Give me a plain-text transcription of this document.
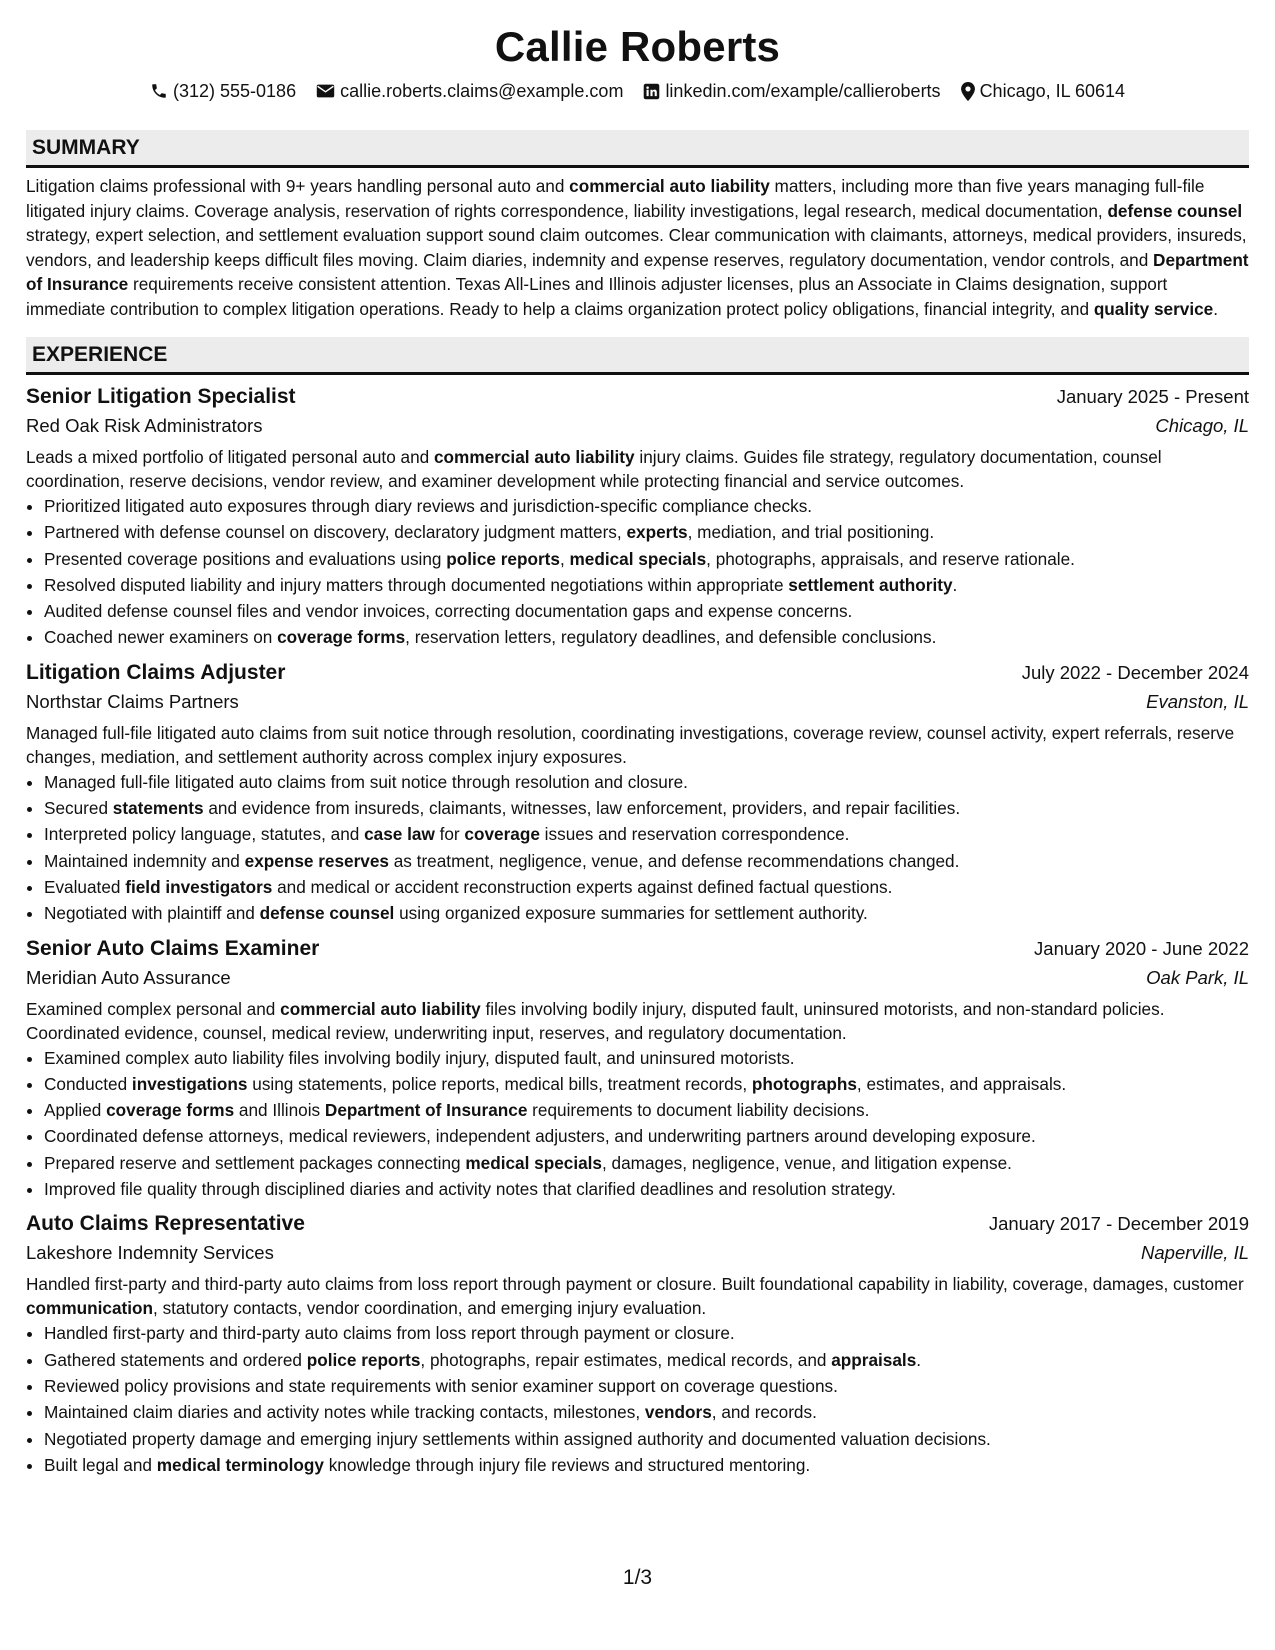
Callie Roberts
(312) 555-0186 callie.roberts.claims@example.com linkedin.com/example/callieroberts Chicago, IL 60614
SUMMARY

Litigation claims professional with 9+ years handling personal auto and commercial auto liability matters, including more than five years managing full-file litigated injury claims. Coverage analysis, reservation of rights correspondence, liability investigations, legal research, medical documentation, defense counsel strategy, expert selection, and settlement evaluation support sound claim outcomes. Clear communication with claimants, attorneys, medical providers, insureds, vendors, and leadership keeps difficult files moving. Claim diaries, indemnity and expense reserves, regulatory documentation, vendor controls, and Department of Insurance requirements receive consistent attention. Texas All-Lines and Illinois adjuster licenses, plus an Associate in Claims designation, support immediate contribution to complex litigation operations. Ready to help a claims organization protect policy obligations, financial integrity, and quality service.

EXPERIENCE
Senior Litigation Specialist	January 2025 - Present
Red Oak Risk Administrators	Chicago, IL

Leads a mixed portfolio of litigated personal auto and commercial auto liability injury claims. Guides file strategy, regulatory documentation, counsel coordination, reserve decisions, vendor review, and examiner development while protecting financial and service outcomes.

• Prioritized litigated auto exposures through diary reviews and jurisdiction-specific compliance checks.
• Partnered with defense counsel on discovery, declaratory judgment matters, experts, mediation, and trial positioning.
• Presented coverage positions and evaluations using police reports, medical specials, photographs, appraisals, and reserve rationale.
• Resolved disputed liability and injury matters through documented negotiations within appropriate settlement authority.
• Audited defense counsel files and vendor invoices, correcting documentation gaps and expense concerns.
• Coached newer examiners on coverage forms, reservation letters, regulatory deadlines, and defensible conclusions.
Litigation Claims Adjuster	July 2022 - December 2024
Northstar Claims Partners	Evanston, IL

Managed full-file litigated auto claims from suit notice through resolution, coordinating investigations, coverage review, counsel activity, expert referrals, reserve changes, mediation, and settlement authority across complex injury exposures.

• Managed full-file litigated auto claims from suit notice through resolution and closure.
• Secured statements and evidence from insureds, claimants, witnesses, law enforcement, providers, and repair facilities.
• Interpreted policy language, statutes, and case law for coverage issues and reservation correspondence.
• Maintained indemnity and expense reserves as treatment, negligence, venue, and defense recommendations changed.
• Evaluated field investigators and medical or accident reconstruction experts against defined factual questions.
• Negotiated with plaintiff and defense counsel using organized exposure summaries for settlement authority.
Senior Auto Claims Examiner	January 2020 - June 2022
Meridian Auto Assurance	Oak Park, IL

Examined complex personal and commercial auto liability files involving bodily injury, disputed fault, uninsured motorists, and non-standard policies. Coordinated evidence, counsel, medical review, underwriting input, reserves, and regulatory documentation.

• Examined complex auto liability files involving bodily injury, disputed fault, and uninsured motorists.
• Conducted investigations using statements, police reports, medical bills, treatment records, photographs, estimates, and appraisals.
• Applied coverage forms and Illinois Department of Insurance requirements to document liability decisions.
• Coordinated defense attorneys, medical reviewers, independent adjusters, and underwriting partners around developing exposure.
• Prepared reserve and settlement packages connecting medical specials, damages, negligence, venue, and litigation expense.
• Improved file quality through disciplined diaries and activity notes that clarified deadlines and resolution strategy.
Auto Claims Representative	January 2017 - December 2019
Lakeshore Indemnity Services	Naperville, IL

Handled first-party and third-party auto claims from loss report through payment or closure. Built foundational capability in liability, coverage, damages, customer communication, statutory contacts, vendor coordination, and emerging injury evaluation.

• Handled first-party and third-party auto claims from loss report through payment or closure.
• Gathered statements and ordered police reports, photographs, repair estimates, medical records, and appraisals.
• Reviewed policy provisions and state requirements with senior examiner support on coverage questions.
• Maintained claim diaries and activity notes while tracking contacts, milestones, vendors, and records.
• Negotiated property damage and emerging injury settlements within assigned authority and documented valuation decisions.
• Built legal and medical terminology knowledge through injury file reviews and structured mentoring.
1/3
